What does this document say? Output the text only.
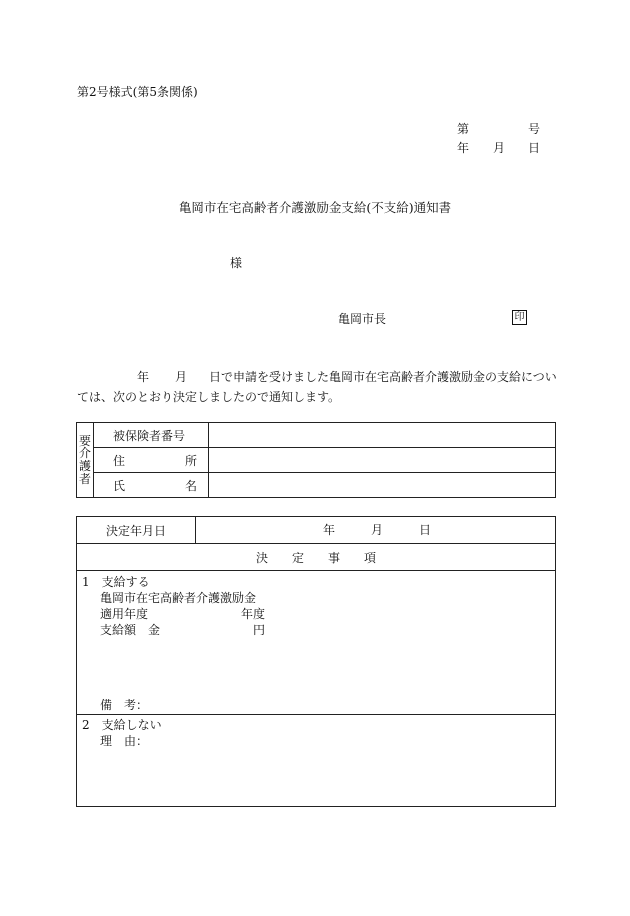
第2号様式(第5条関係)
第	号
年 月 日
亀岡市在宅高齢者介護激励金支給(不支給)通知書
様
亀岡市長	印
年 月 日で申請を受けました亀岡市在宅高齢者介護激励金の支給につい
ては、次のとおり決定しましたので通知します。
要
介
護
者	被保険者番号	

	住 所	

	氏 名	

決定年月日	年	月	日

決　　定　　事　　項

1　支給する
亀岡市在宅高齢者介護激励金
適用年度	年度
支給額　金	円
備　考：

2　支給しない
理　由：
